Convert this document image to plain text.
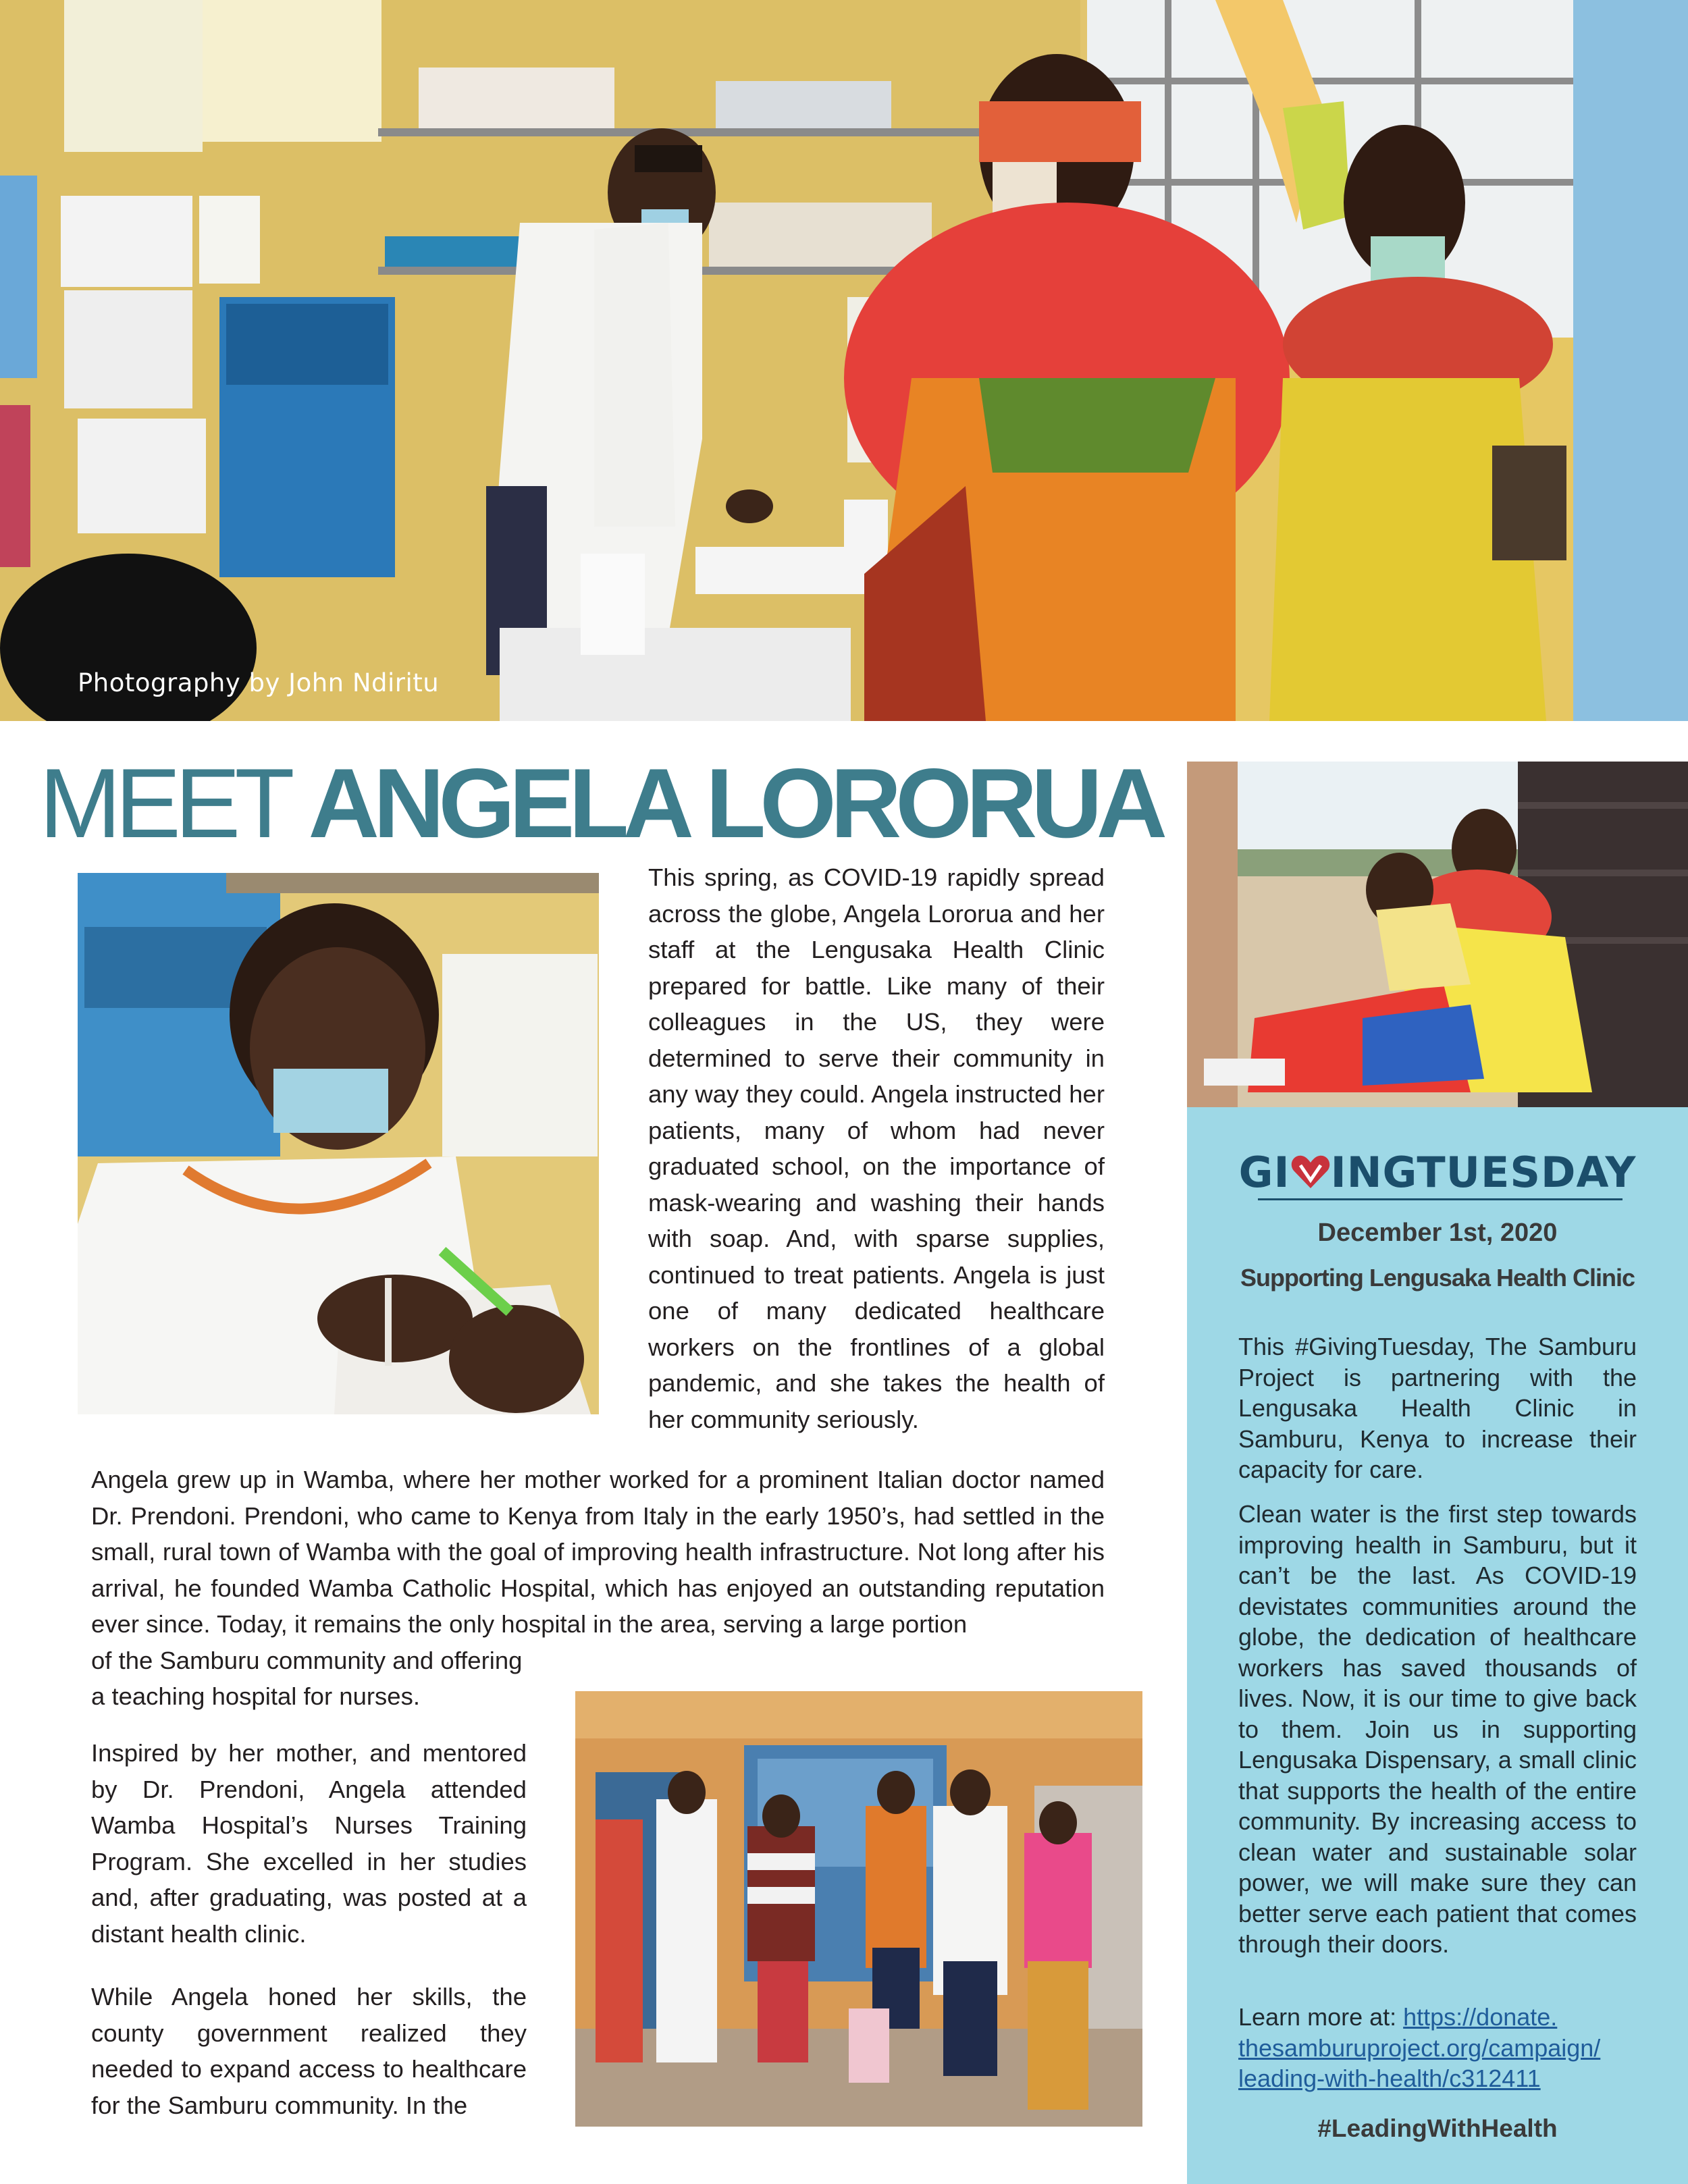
Photography by John Ndiritu
MEET ANGELA LORORUA

This spring, as COVID-19 rapidly spread across the globe, Angela Lororua and her staff at the Lengusaka Health Clinic prepared for battle. Like many of their colleagues in the US, they were determined to serve their community in any way they could. Angela instructed her patients, many of whom had never graduated school, on the importance of mask-wearing and washing their hands with soap. And, with sparse supplies, continued to treat patients. Angela is just one of many dedicated healthcare workers on the frontlines of a global pandemic, and she takes the health of her community seriously.

Angela grew up in Wamba, where her mother worked for a prominent Italian doctor named Dr. Prendoni. Prendoni, who came to Kenya from Italy in the early 1950’s, had settled in the small, rural town of Wamba with the goal of improving health infrastructure. Not long after his arrival, he founded Wamba Catholic Hospital, which has enjoyed an outstanding reputation ever since. Today, it remains the only hospital in the area, serving a large portion

of the Samburu community and offering
a teaching hospital for nurses.

Inspired by her mother, and mentored by Dr. Prendoni, Angela attended Wamba Hospital’s Nurses Training Program. She excelled in her studies and, after graduating, was posted at a distant health clinic.

While Angela honed her skills, the county government realized they needed to expand access to healthcare for the Samburu community. In the

GI INGTUESDAY
December 1st, 2020
Supporting Lengusaka Health Clinic

This #GivingTuesday, The Samburu Project is partnering with the Lengusaka Health Clinic in Samburu, Kenya to increase their capacity for care.

Clean water is the first step towards improving health in Samburu, but it can’t be the last. As COVID-19 devistates communities around the globe, the dedication of healthcare workers has saved thousands of lives. Now, it is our time to give back to them. Join us in supporting Lengusaka Dispensary, a small clinic that supports the health of the entire community. By increasing access to clean water and sustainable solar power, we will make sure they can better serve each patient that comes through their doors.

Learn more at: https://donate.
thesamburuproject.org/campaign/
leading-with-health/c312411
#LeadingWithHealth
